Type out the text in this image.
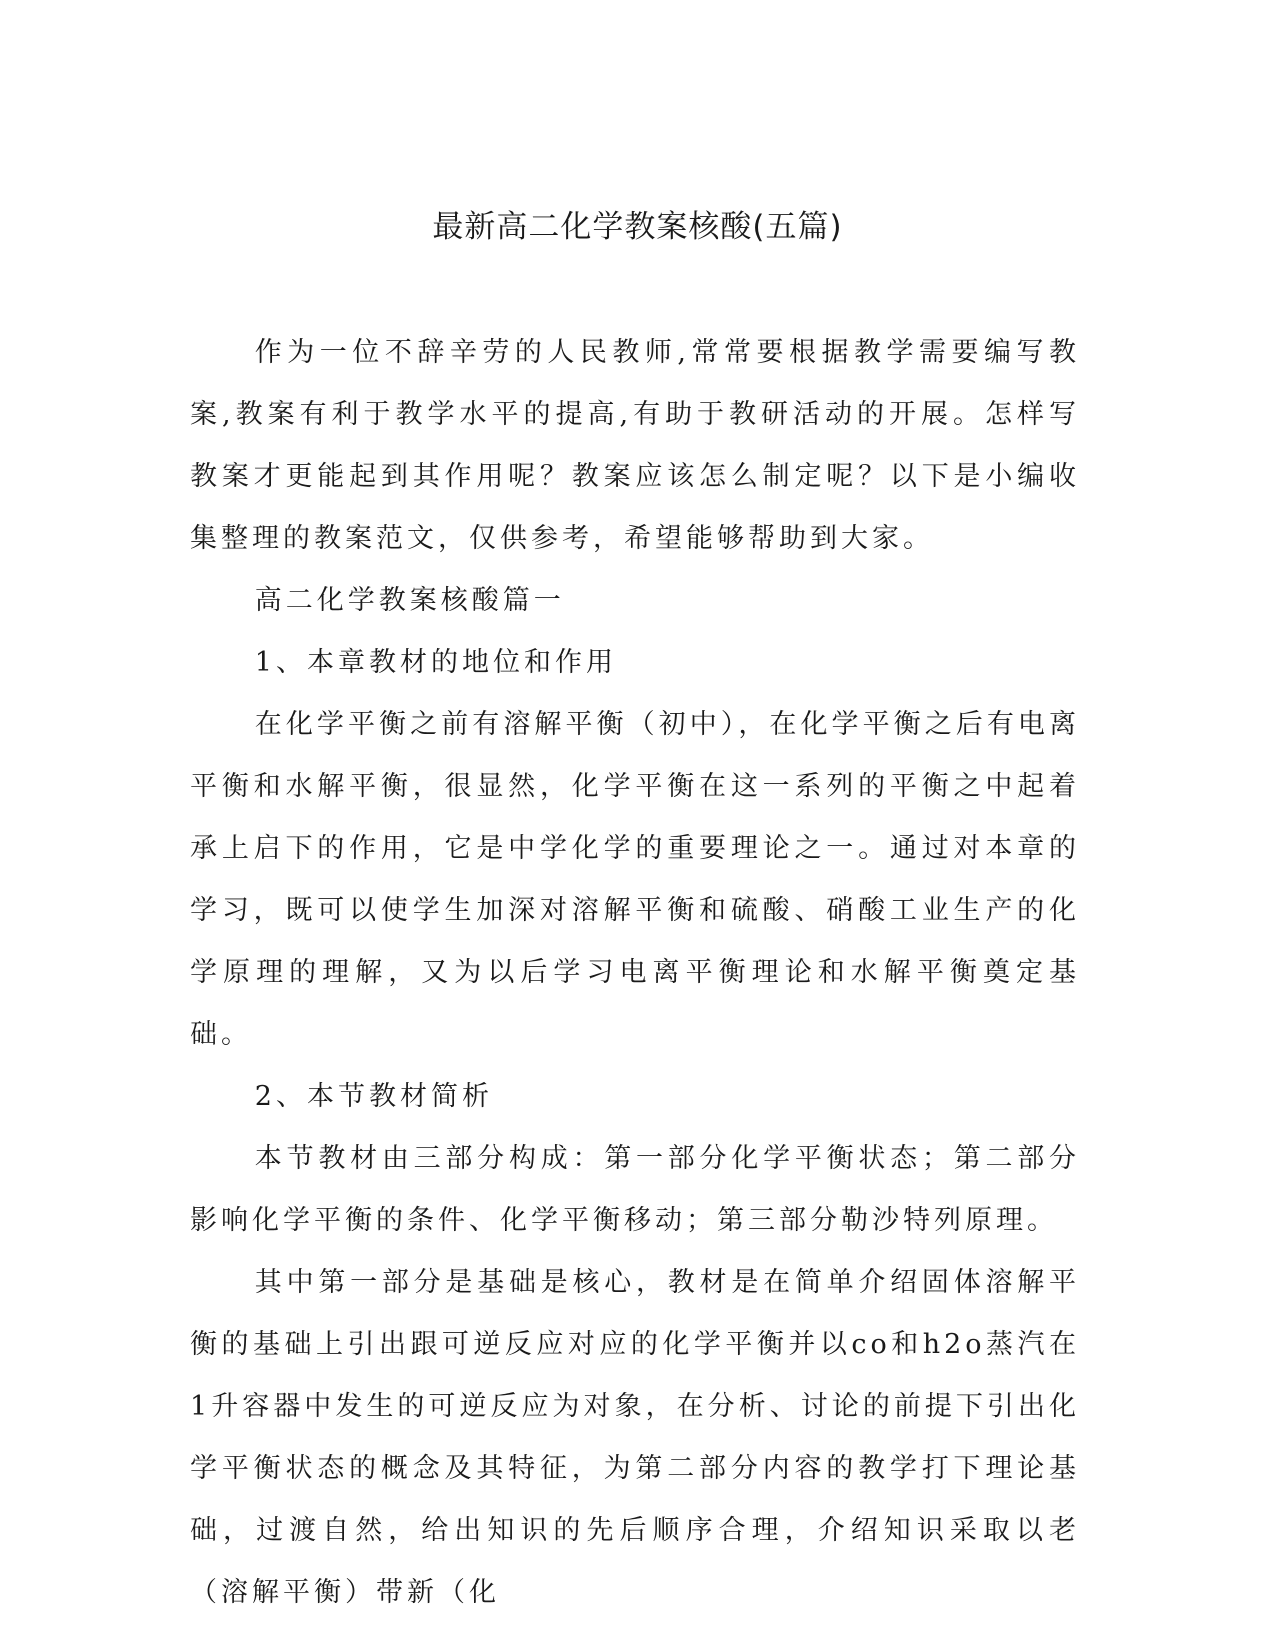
最新高二化学教案核酸(五篇)

作为一位不辞辛劳的人民教师,常常要根据教学需要编写教案,教案有利于教学水平的提高,有助于教研活动的开展。怎样写教案才更能起到其作用呢？教案应该怎么制定呢？以下是小编收集整理的教案范文，仅供参考，希望能够帮助到大家。

高二化学教案核酸篇一

1、本章教材的地位和作用

在化学平衡之前有溶解平衡（初中），在化学平衡之后有电离平衡和水解平衡，很显然，化学平衡在这一系列的平衡之中起着承上启下的作用，它是中学化学的重要理论之一。通过对本章的学习，既可以使学生加深对溶解平衡和硫酸、硝酸工业生产的化学原理的理解，又为以后学习电离平衡理论和水解平衡奠定基础。

2、本节教材简析

本节教材由三部分构成：第一部分化学平衡状态；第二部分影响化学平衡的条件、化学平衡移动；第三部分勒沙特列原理。

其中第一部分是基础是核心，教材是在简单介绍固体溶解平衡的基础上引出跟可逆反应对应的化学平衡并以co和h2o蒸汽在1升容器中发生的可逆反应为对象，在分析、讨论的前提下引出化学平衡状态的概念及其特征，为第二部分内容的教学打下理论基础，过渡自然，给出知识的先后顺序合理，介绍知识采取以老（溶解平衡）带新（化
